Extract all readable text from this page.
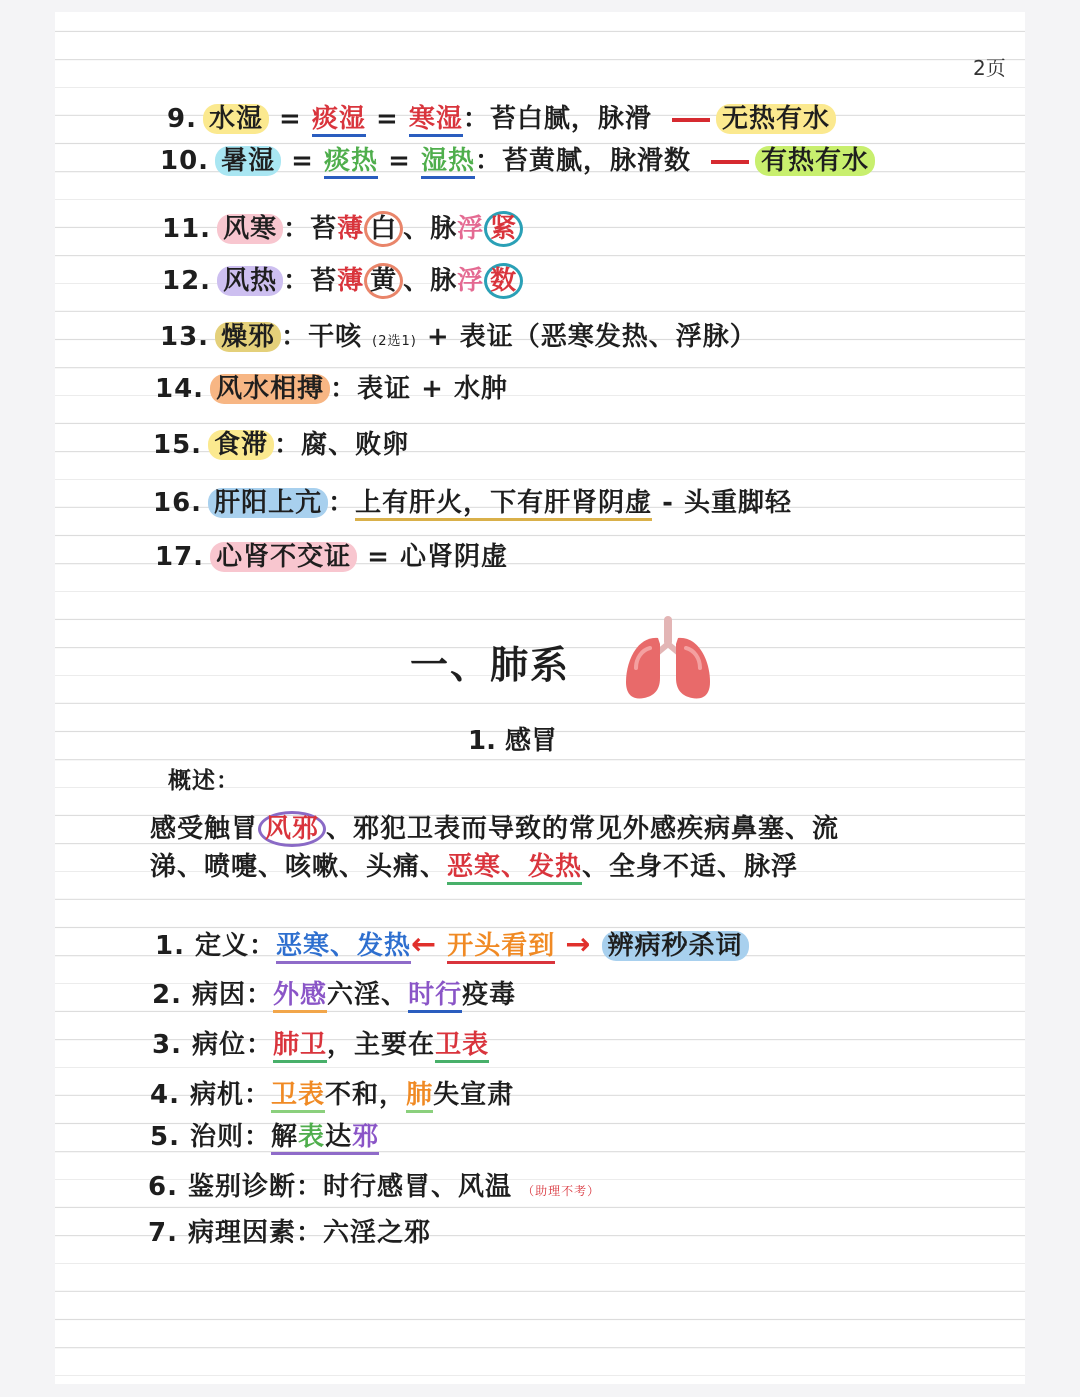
2页
9. 水湿 = 痰湿 = 寒湿：苔白腻，脉滑	无热有水
10. 暑湿 = 痰热 = 湿热：苔黄腻，脉滑数	有热有水
11. 风寒 ：苔薄 白 、脉浮 紧
12. 风热 ：苔薄 黄 、脉浮 数
13. 燥邪 ：干咳 (2选1) + 表证（恶寒发热、浮脉）
14. 风水相搏 ：表证 + 水肿
15. 食滞 ：腐、败卵
16. 肝阳上亢 ：上有肝火，下有肝肾阴虚 - 头重脚轻
17. 心肾不交证 = 心肾阴虚
一、肺系
1. 感冒
概述：
感受触冒 风邪 、邪犯卫表而导致的常见外感疾病鼻塞、流
涕、喷嚏、咳嗽、头痛、恶寒、发热、全身不适、脉浮
1. 定义：恶寒、发热← 开头看到 → 辨病秒杀词
2. 病因：外感六淫、时行疫毒
3. 病位：肺卫，主要在卫表
4. 病机：卫表不和，肺失宣肃
5. 治则：解表达邪
6. 鉴别诊断：时行感冒、风温 （助理不考）
7. 病理因素：六淫之邪
